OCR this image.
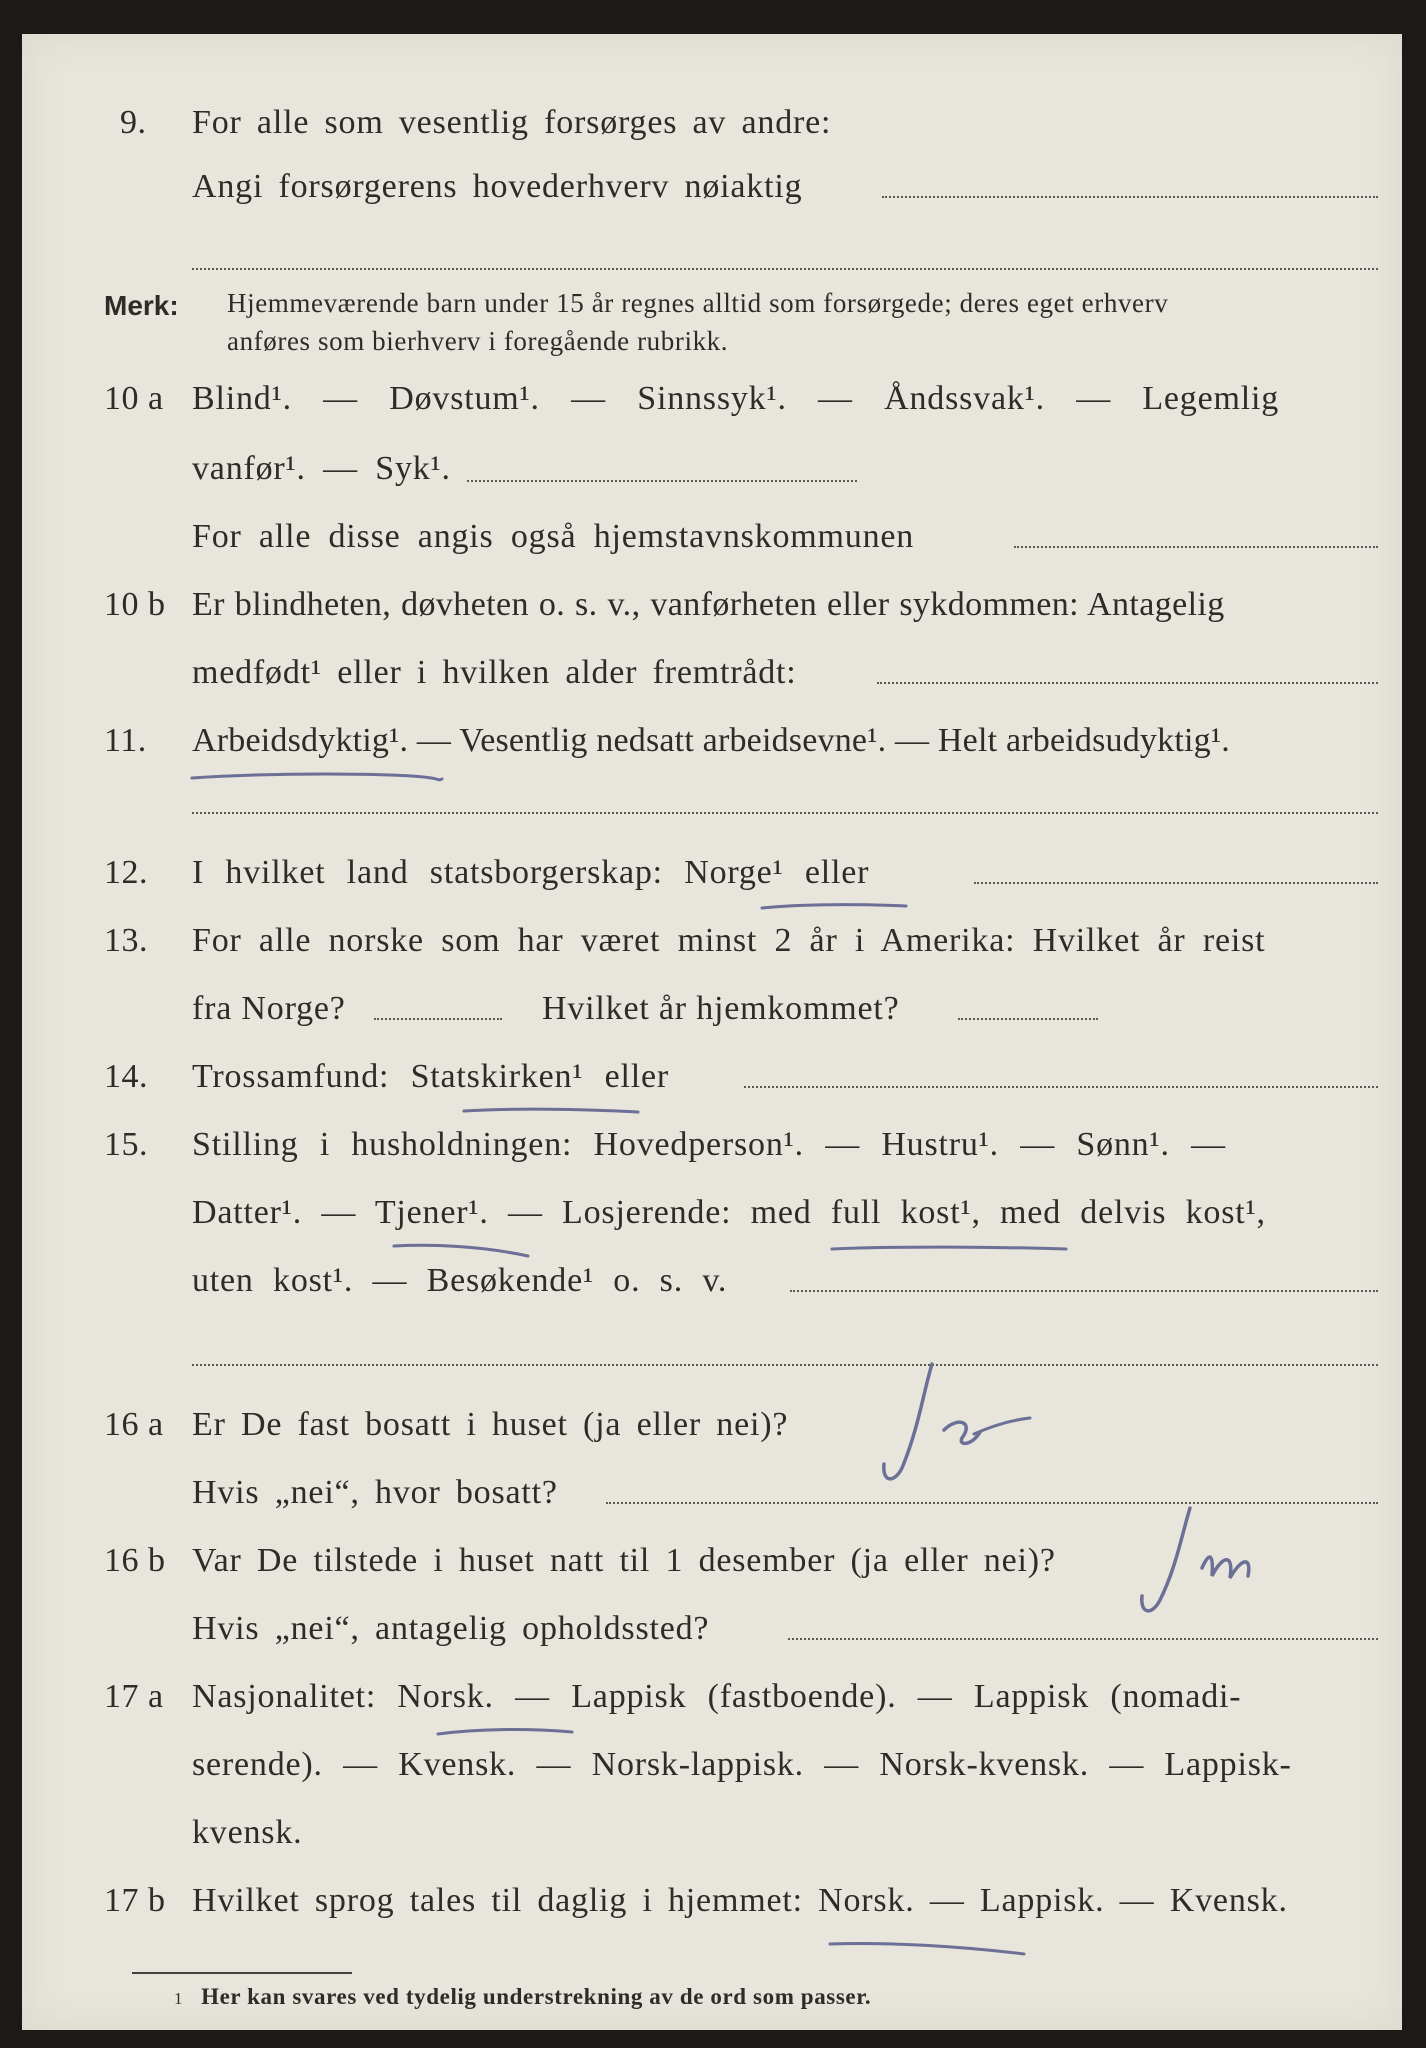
9. For alle som vesentlig forsørges av andre:
Angi forsørgerens hovederhverv nøiaktig
Merk: Hjemmeværende barn under 15 år regnes alltid som forsørgede; deres eget erhverv
anføres som bierhverv i foregående rubrikk.
10 a Blind¹. — Døvstum¹. — Sinnssyk¹. — Åndssvak¹. — Legemlig
vanfør¹. — Syk¹.
For alle disse angis også hjemstavnskommunen
10 b Er blindheten, døvheten o. s. v., vanførheten eller sykdommen: Antagelig
medfødt¹ eller i hvilken alder fremtrådt:
11. Arbeidsdyktig¹. — Vesentlig nedsatt arbeidsevne¹. — Helt arbeidsudyktig¹.
12. I hvilket land statsborgerskap: Norge¹ eller
13. For alle norske som har været minst 2 år i Amerika: Hvilket år reist
fra Norge?	Hvilket år hjemkommet?
14. Trossamfund: Statskirken¹ eller
15. Stilling i husholdningen: Hovedperson¹. — Hustru¹. — Sønn¹. —
Datter¹. — Tjener¹. — Losjerende: med full kost¹, med delvis kost¹,
uten kost¹. — Besøkende¹ o. s. v.
16 a Er De fast bosatt i huset (ja eller nei)?
Ja
Hvis „nei“, hvor bosatt?
16 b Var De tilstede i huset natt til 1 desember (ja eller nei)?
Ja
Hvis „nei“, antagelig opholdssted?
17 a Nasjonalitet: Norsk. — Lappisk (fastboende). — Lappisk (nomadi-
serende). — Kvensk. — Norsk-lappisk. — Norsk-kvensk. — Lappisk-
kvensk.
17 b Hvilket sprog tales til daglig i hjemmet: Norsk. — Lappisk. — Kvensk.
1 Her kan svares ved tydelig understrekning av de ord som passer.
